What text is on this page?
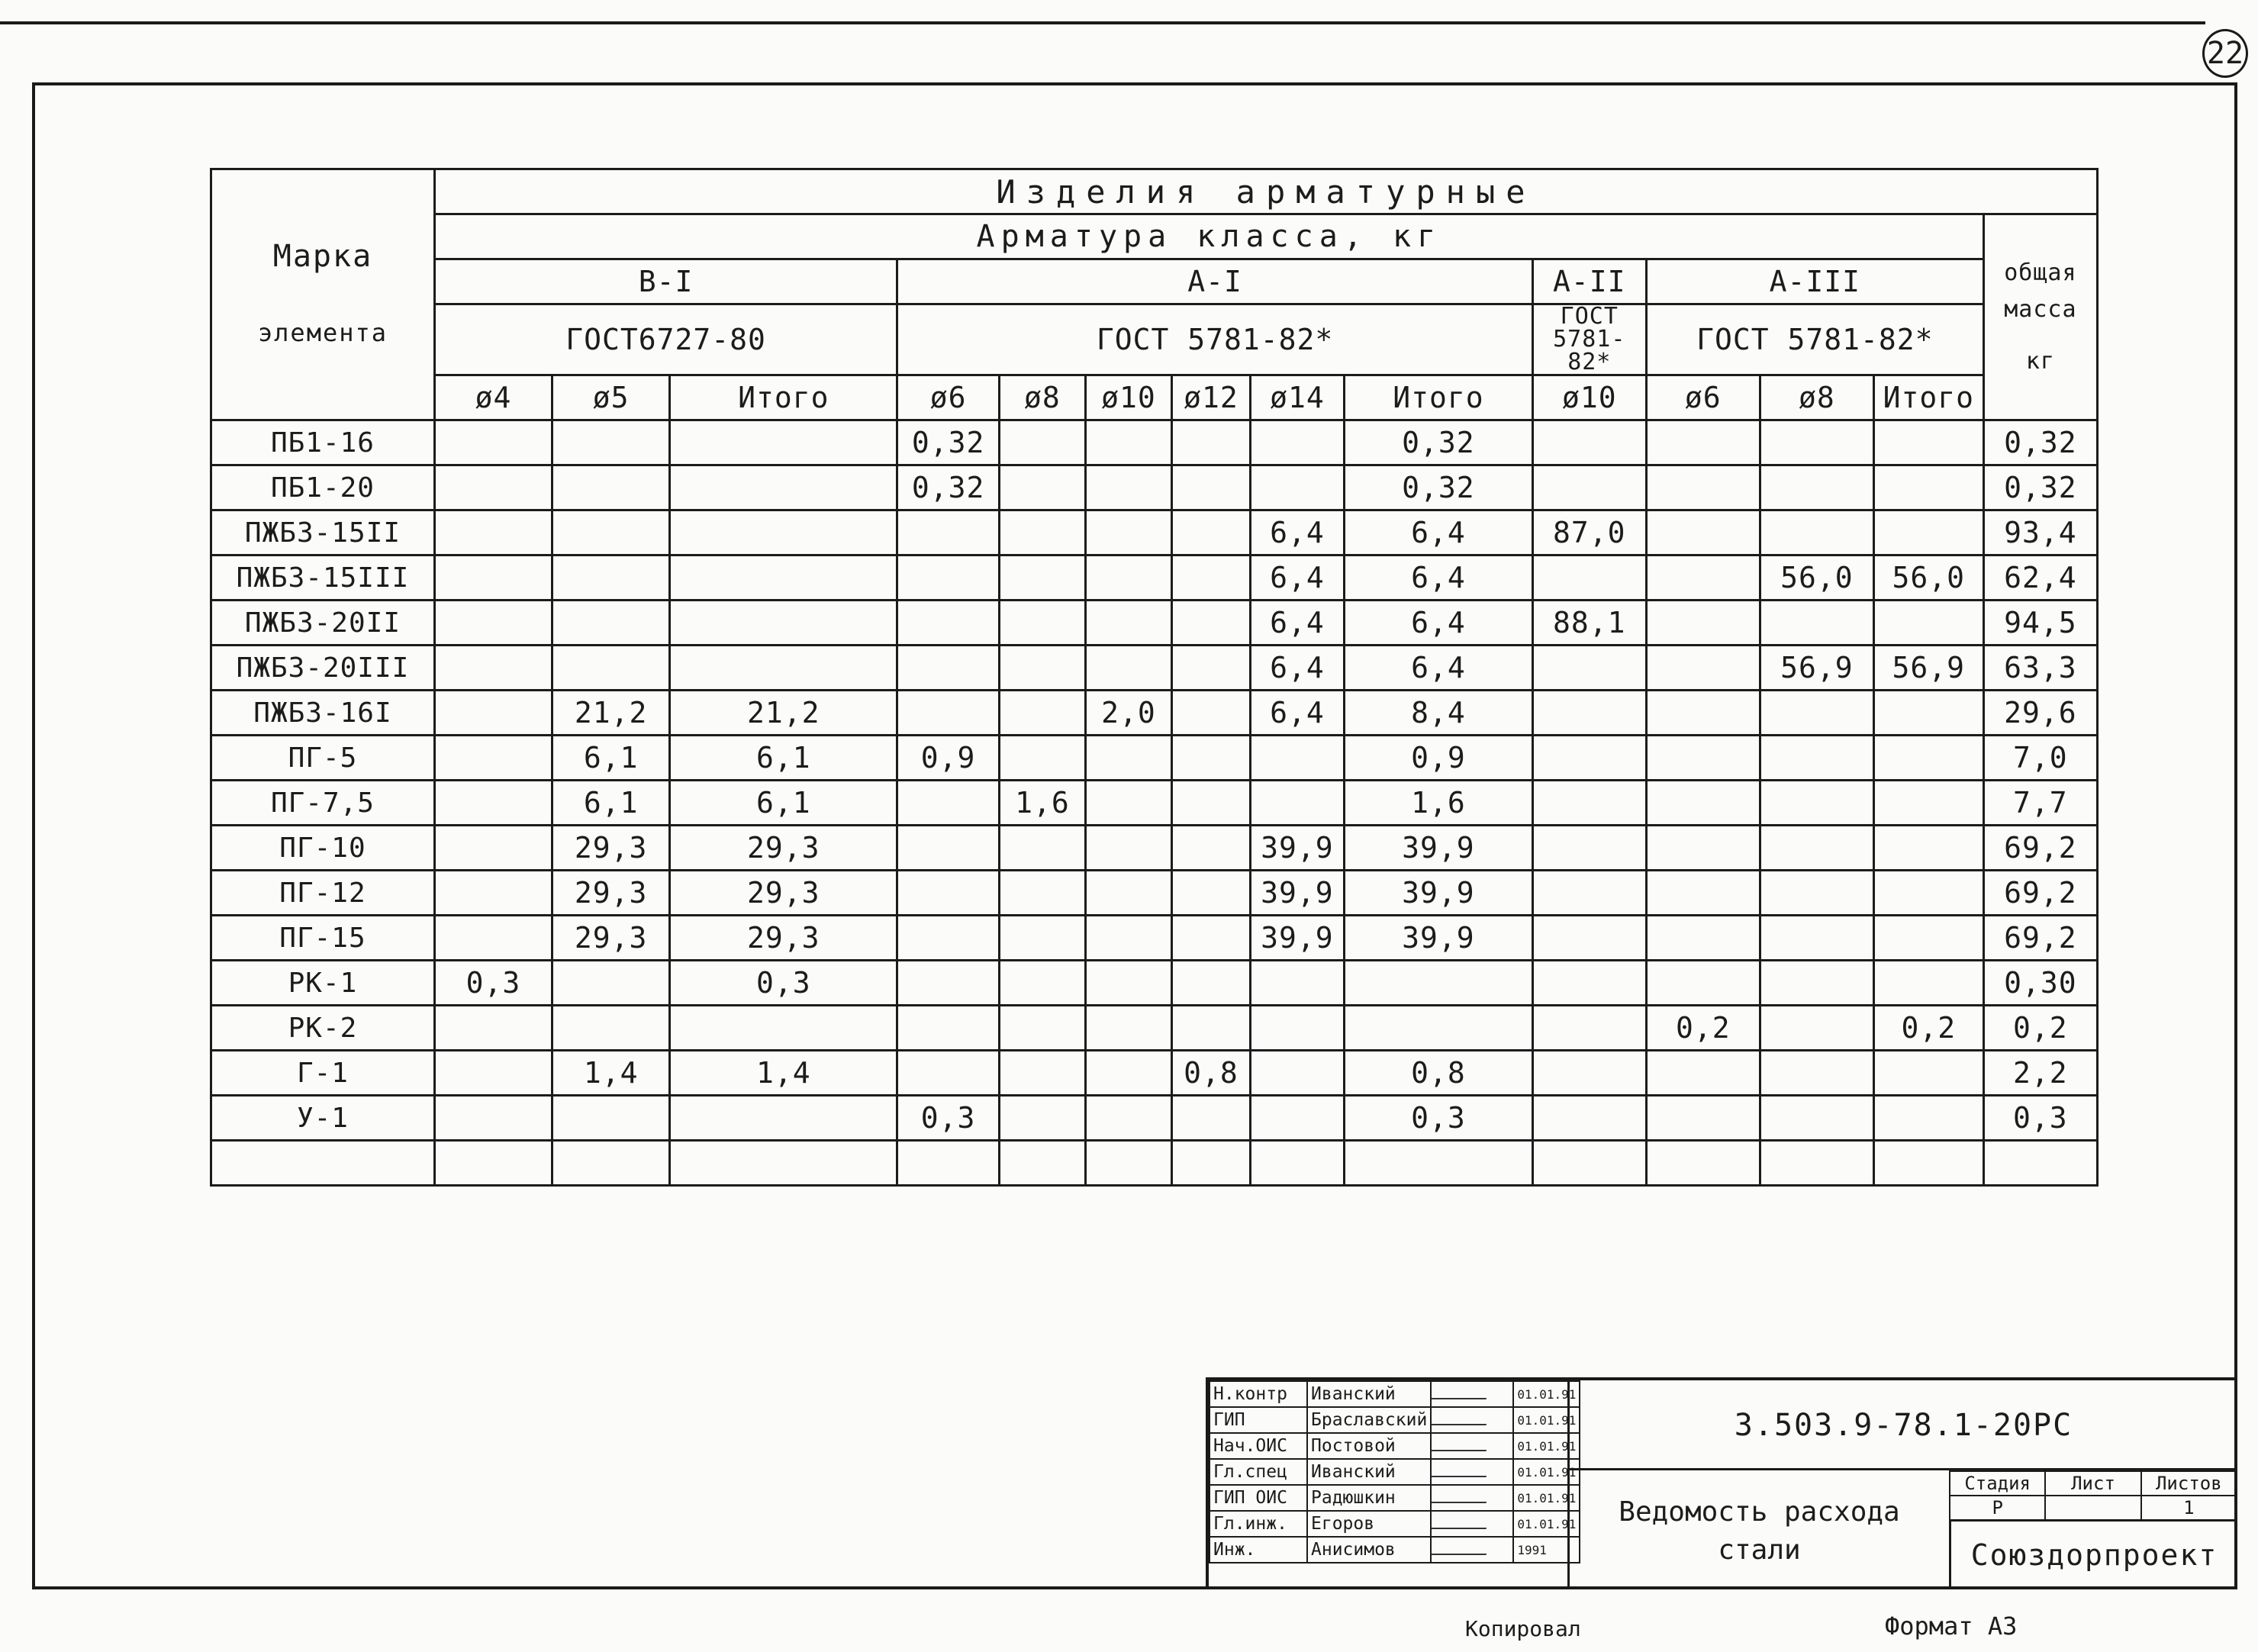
22
Марка
элемента	Изделия арматурные													
	Арматура класса, кг													общая
масса
кг

	В-I			А-I						А-II	А-III			
	ГОСТ6727-80			ГОСТ 5781-82*						ГОСТ 5781-82*	ГОСТ 5781-82*			
	ø4	ø5	Итого	ø6	ø8	ø10	ø12	ø14	Итого	ø10	ø6	ø8	Итого	
ПБ1-16				0,32					0,32					0,32
ПБ1-20				0,32					0,32					0,32
ПЖБ3-15II								6,4	6,4	87,0				93,4
ПЖБ3-15III								6,4	6,4			56,0	56,0	62,4
ПЖБ3-20II								6,4	6,4	88,1				94,5
ПЖБ3-20III								6,4	6,4			56,9	56,9	63,3
ПЖБ3-16I		21,2	21,2			2,0		6,4	8,4					29,6
ПГ-5		6,1	6,1	0,9					0,9					7,0
ПГ-7,5		6,1	6,1		1,6				1,6					7,7
ПГ-10		29,3	29,3					39,9	39,9					69,2
ПГ-12		29,3	29,3					39,9	39,9					69,2
ПГ-15		29,3	29,3					39,9	39,9					69,2
РК-1	0,3		0,3											0,30
РК-2											0,2		0,2	0,2
Г-1		1,4	1,4				0,8		0,8					2,2
У-1				0,3					0,3					0,3

Н.контр	Иванский		01.01.91
ГИП	Браславский		01.01.91
Нач.ОИС	Постовой		01.01.91
Гл.спец	Иванский		01.01.91
ГИП ОИС	Радюшкин		01.01.91
Гл.инж.	Егоров		01.01.91
Инж.	Анисимов		1991
3.503.9-78.1-20РС
Ведомость расхода
стали
Стадия	Лист	Листов
Р		1
Союздорпроект
Копировал	Формат А3
